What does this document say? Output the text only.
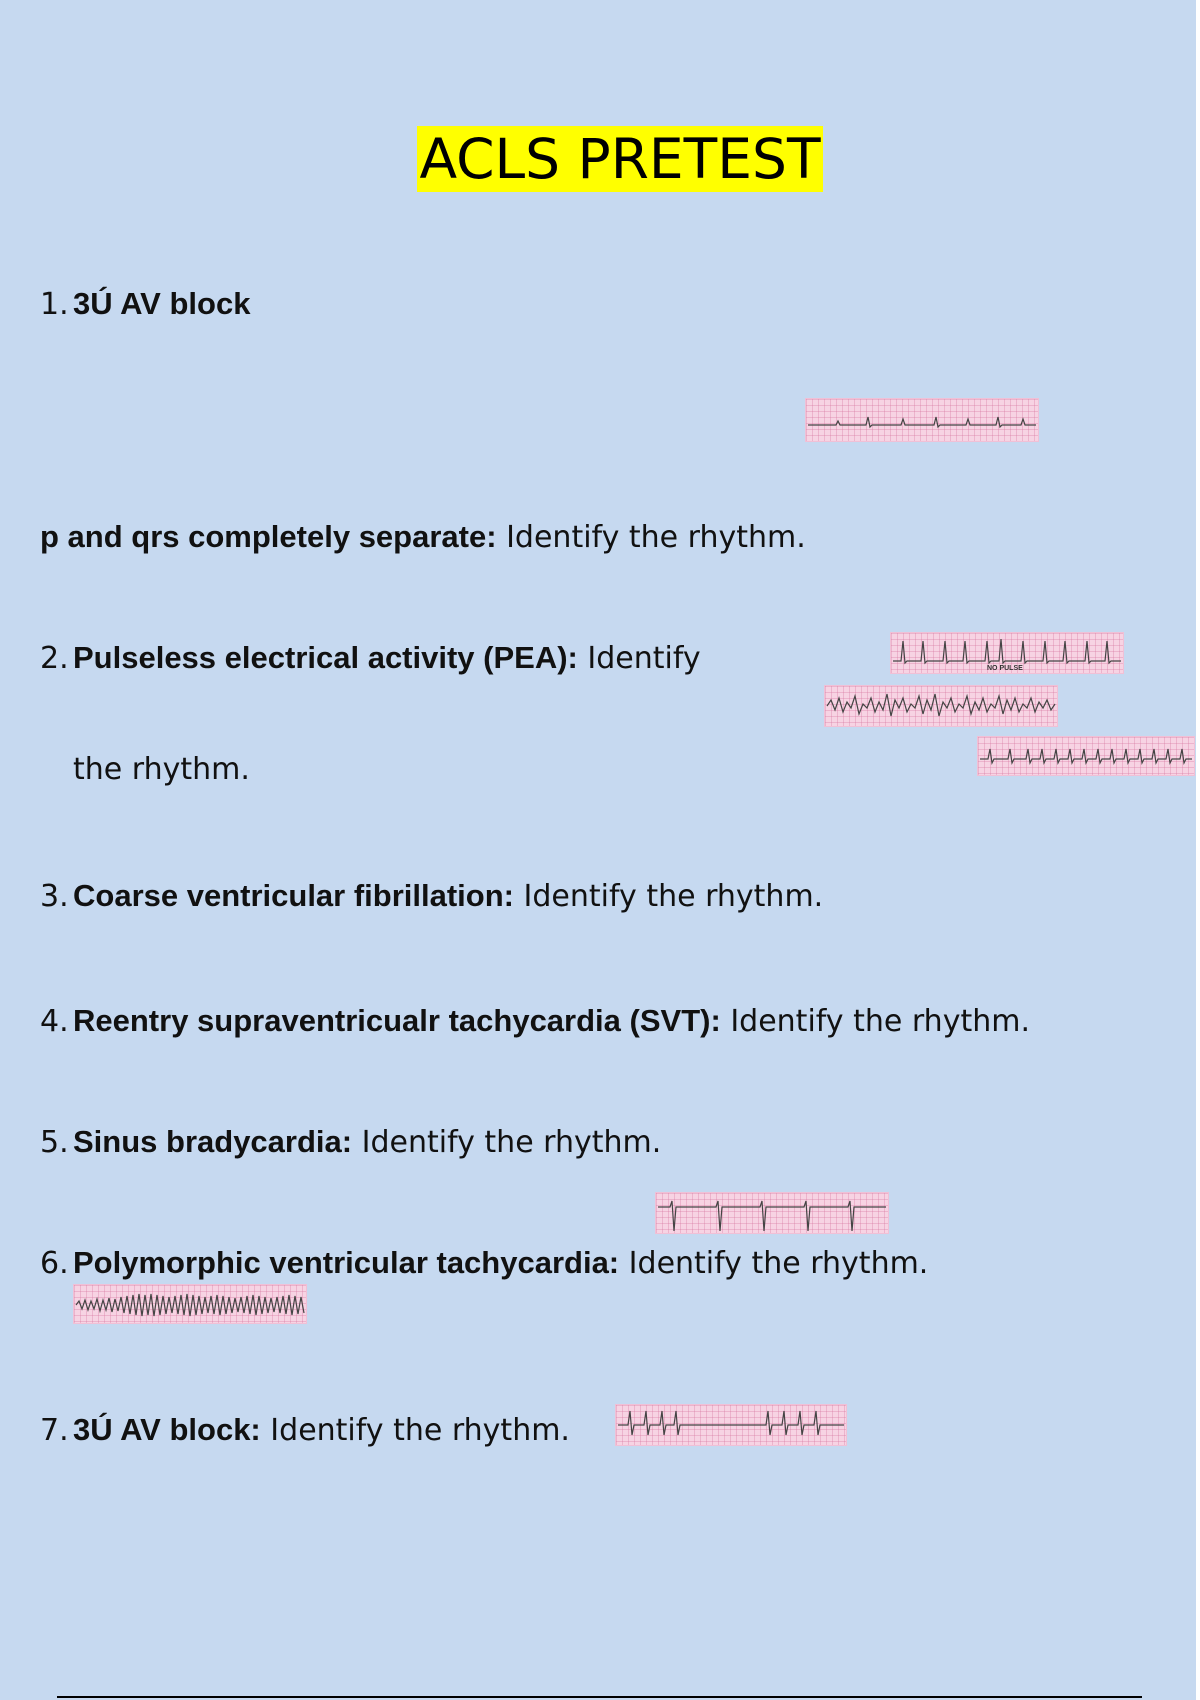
ACLS PRETEST
1. 3Ú AV block
p and qrs completely separate: Identify the rhythm.
2. Pulseless electrical activity (PEA): Identify
the rhythm.
NO PULSE
3. Coarse ventricular fibrillation: Identify the rhythm.
4. Reentry supraventricualr tachycardia (SVT): Identify the rhythm.
5. Sinus bradycardia: Identify the rhythm.
6. Polymorphic ventricular tachycardia: Identify the rhythm.
7. 3Ú AV block: Identify the rhythm.
